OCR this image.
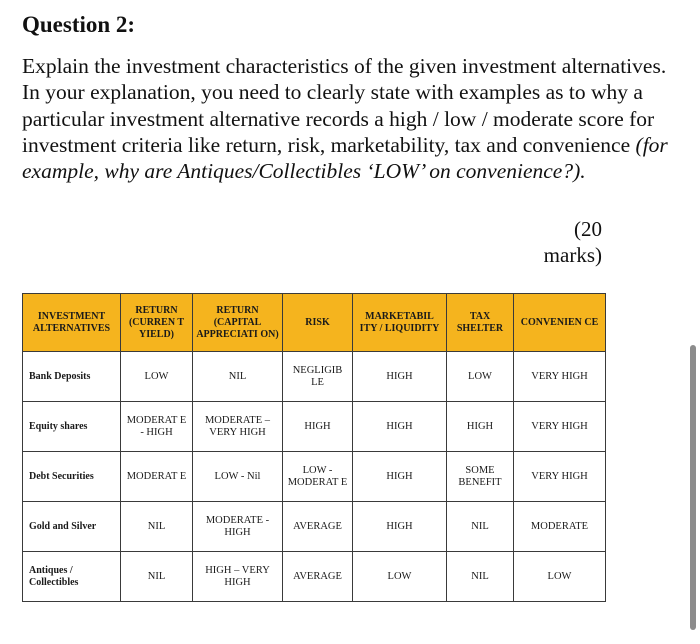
Question 2:
Explain the investment characteristics of the given investment alternatives. In your explanation, you need to clearly state with examples as to why a particular investment alternative records a high / low / moderate score for investment criteria like return, risk, marketability, tax and convenience (for example, why are Antiques/Collectibles ‘LOW’ on convenience?).
(20
marks)
INVESTMENT ALTERNATIVES	RETURN (CURREN T YIELD)	RETURN (CAPITAL APPRECIATI ON)	RISK	MARKETABIL ITY / LIQUIDITY	TAX SHELTER	CONVENIEN CE
Bank Deposits	LOW	NIL	NEGLIGIB LE	HIGH	LOW	VERY HIGH
Equity shares	MODERAT E - HIGH	MODERATE – VERY HIGH	HIGH	HIGH	HIGH	VERY HIGH
Debt Securities	MODERAT E	LOW - Nil	LOW - MODERAT E	HIGH	SOME BENEFIT	VERY HIGH
Gold and Silver	NIL	MODERATE - HIGH	AVERAGE	HIGH	NIL	MODERATE
Antiques / Collectibles	NIL	HIGH – VERY HIGH	AVERAGE	LOW	NIL	LOW
